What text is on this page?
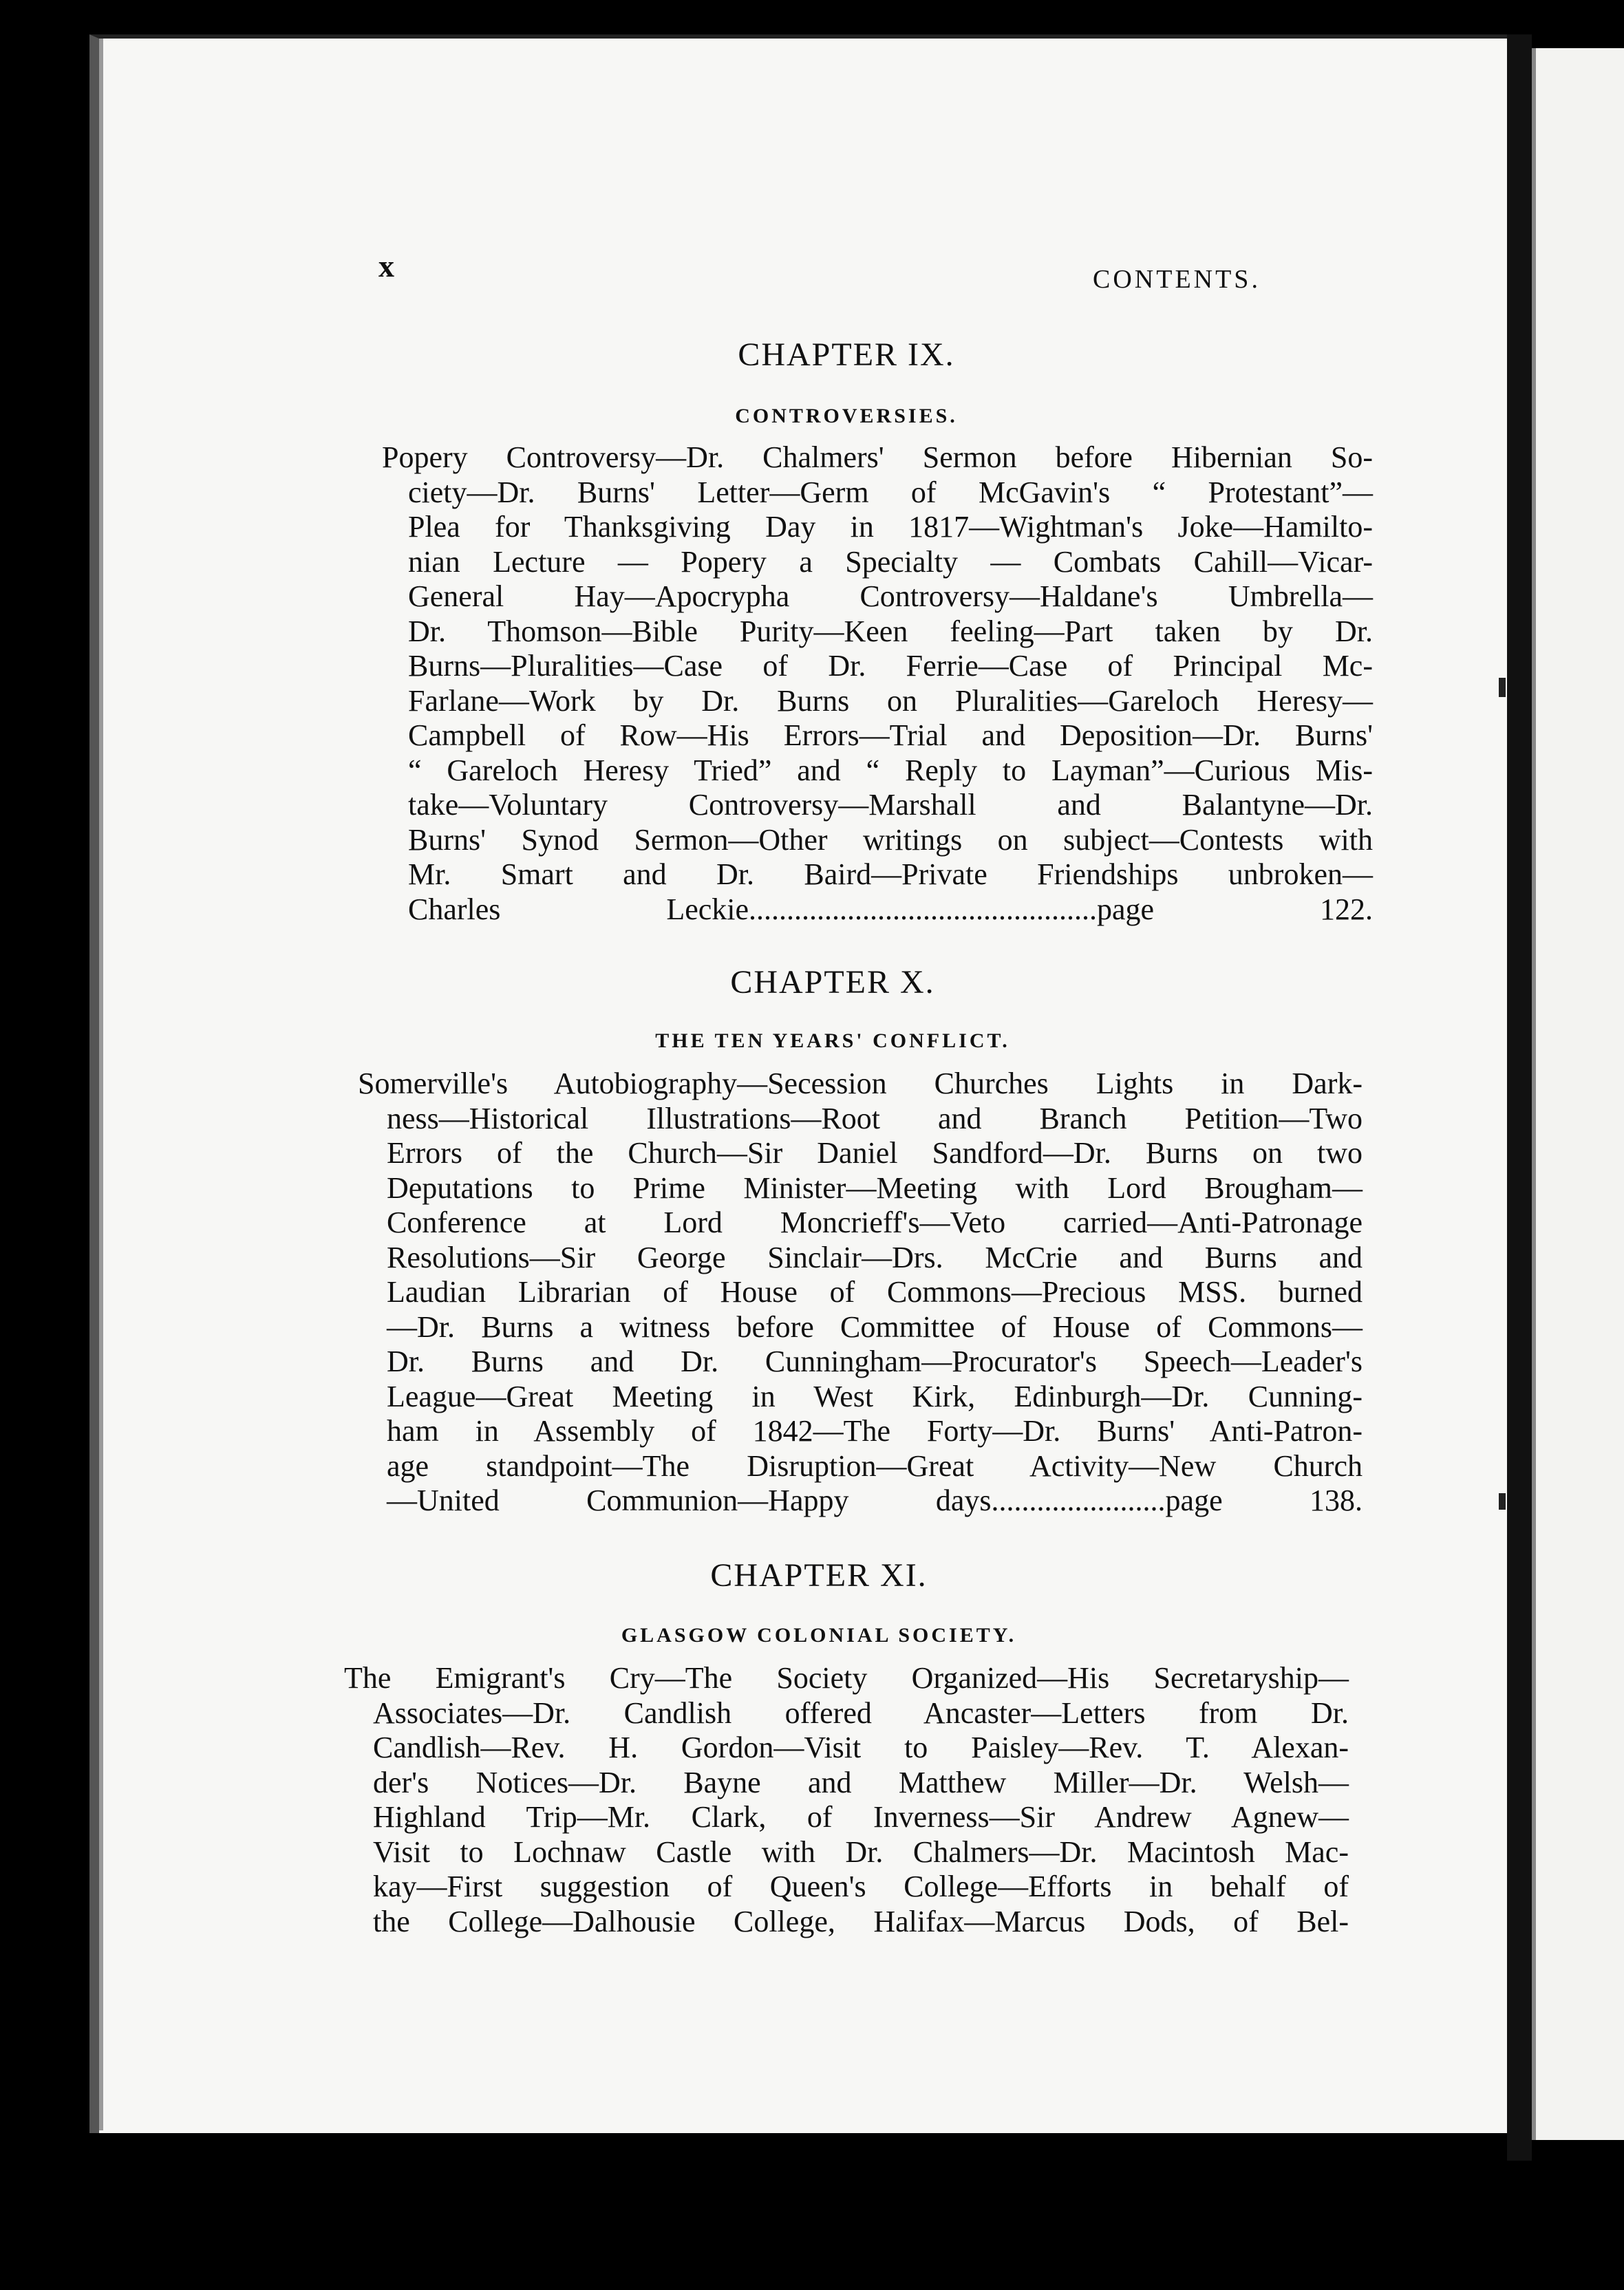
x	CONTENTS.
CHAPTER IX.
CONTROVERSIES.
Popery Controversy—Dr. Chalmers' Sermon before Hibernian So-
ciety—Dr. Burns' Letter—Germ of McGavin's “ Protestant”—
Plea for Thanksgiving Day in 1817—Wightman's Joke—Hamilto-
nian Lecture — Popery a Specialty — Combats Cahill—Vicar-
General Hay—Apocrypha Controversy—Haldane's Umbrella—
Dr. Thomson—Bible Purity—Keen feeling—Part taken by Dr.
Burns—Pluralities—Case of Dr. Ferrie—Case of Principal Mc-
Farlane—Work by Dr. Burns on Pluralities—Gareloch Heresy—
Campbell of Row—His Errors—Trial and Deposition—Dr. Burns'
“ Gareloch Heresy Tried” and “ Reply to Layman”—Curious Mis-
take—Voluntary Controversy—Marshall and Balantyne—Dr.
Burns' Synod Sermon—Other writings on subject—Contests with
Mr. Smart and Dr. Baird—Private Friendships unbroken—
Charles Leckie..............................................page 122.
CHAPTER X.
THE TEN YEARS' CONFLICT.
Somerville's Autobiography—Secession Churches Lights in Dark-
ness—Historical Illustrations—Root and Branch Petition—Two
Errors of the Church—Sir Daniel Sandford—Dr. Burns on two
Deputations to Prime Minister—Meeting with Lord Brougham—
Conference at Lord Moncrieff's—Veto carried—Anti-Patronage
Resolutions—Sir George Sinclair—Drs. McCrie and Burns and
Laudian Librarian of House of Commons—Precious MSS. burned
—Dr. Burns a witness before Committee of House of Commons—
Dr. Burns and Dr. Cunningham—Procurator's Speech—Leader's
League—Great Meeting in West Kirk, Edinburgh—Dr. Cunning-
ham in Assembly of 1842—The Forty—Dr. Burns' Anti-Patron-
age standpoint—The Disruption—Great Activity—New Church
—United Communion—Happy days.......................page 138.
CHAPTER XI.
GLASGOW COLONIAL SOCIETY.
The Emigrant's Cry—The Society Organized—His Secretaryship—
Associates—Dr. Candlish offered Ancaster—Letters from Dr.
Candlish—Rev. H. Gordon—Visit to Paisley—Rev. T. Alexan-
der's Notices—Dr. Bayne and Matthew Miller—Dr. Welsh—
Highland Trip—Mr. Clark, of Inverness—Sir Andrew Agnew—
Visit to Lochnaw Castle with Dr. Chalmers—Dr. Macintosh Mac-
kay—First suggestion of Queen's College—Efforts in behalf of
the College—Dalhousie College, Halifax—Marcus Dods, of Bel-
